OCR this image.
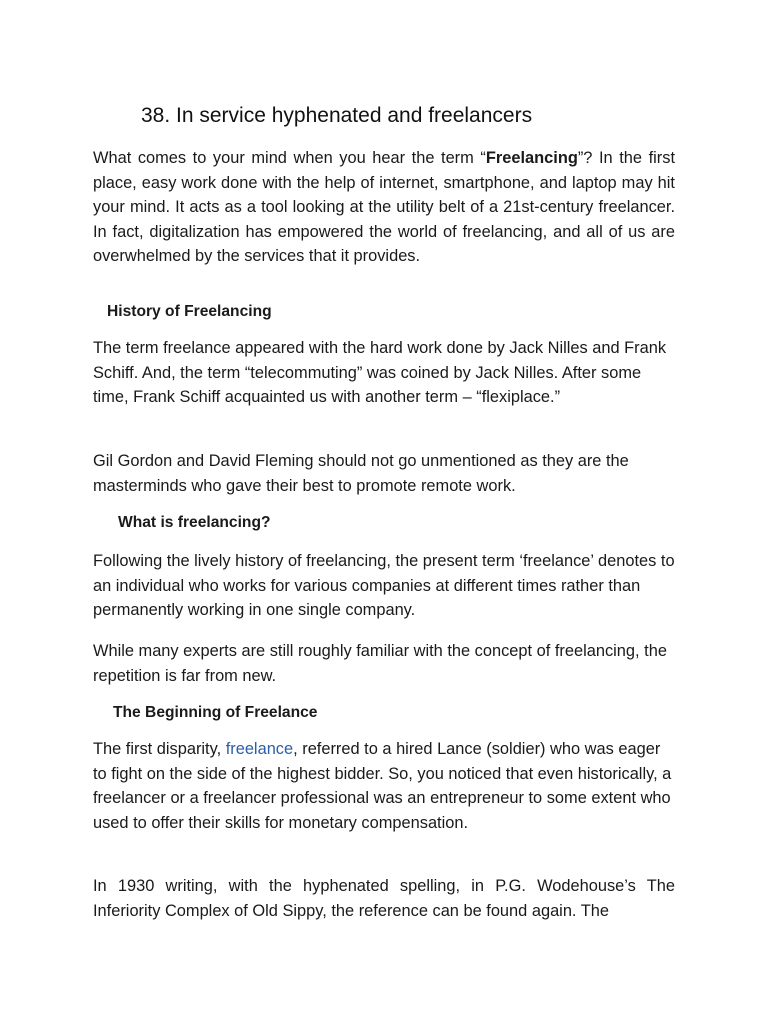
38. In service hyphenated and freelancers

What comes to your mind when you hear the term “Freelancing”? In the first place, easy work done with the help of internet, smartphone, and laptop may hit your mind. It acts as a tool looking at the utility belt of a 21st-century freelancer. In fact, digitalization has empowered the world of freelancing, and all of us are overwhelmed by the services that it provides.

History of Freelancing

The term freelance appeared with the hard work done by Jack Nilles and Frank Schiff. And, the term “telecommuting” was coined by Jack Nilles. After some time, Frank Schiff acquainted us with another term – “flexiplace.”

Gil Gordon and David Fleming should not go unmentioned as they are the masterminds who gave their best to promote remote work.

What is freelancing?

Following the lively history of freelancing, the present term ‘freelance’ denotes to an individual who works for various companies at different times rather than permanently working in one single company.

While many experts are still roughly familiar with the concept of freelancing, the repetition is far from new.

The Beginning of Freelance

The first disparity, freelance, referred to a hired Lance (soldier) who was eager to fight on the side of the highest bidder. So, you noticed that even historically, a freelancer or a freelancer professional was an entrepreneur to some extent who used to offer their skills for monetary compensation.

In 1930 writing, with the hyphenated spelling, in P.G. Wodehouse’s The Inferiority Complex of Old Sippy, the reference can be found again. The
